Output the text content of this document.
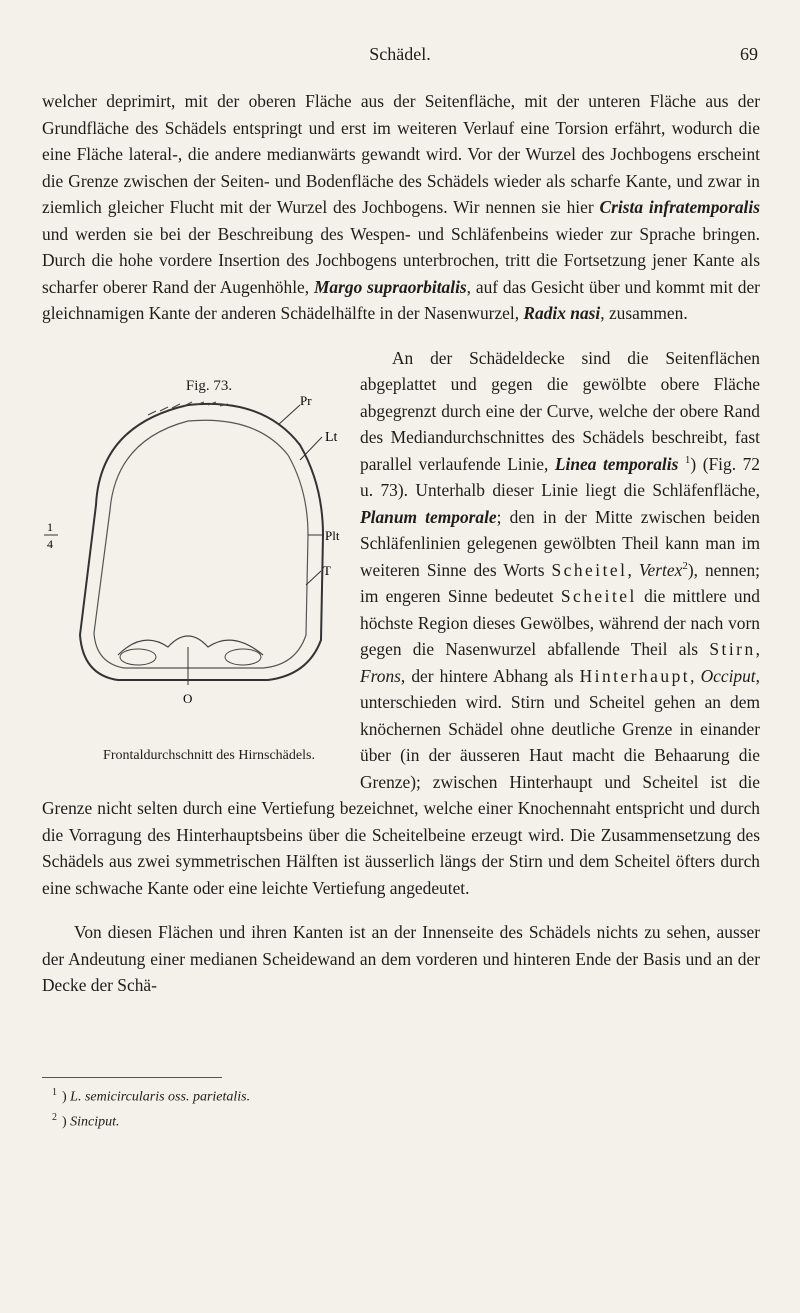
Schädel.	69

welcher deprimirt, mit der oberen Fläche aus der Seitenfläche, mit der unteren Fläche aus der Grundfläche des Schädels entspringt und erst im weiteren Verlauf eine Torsion erfährt, wodurch die eine Fläche lateral-, die andere medianwärts gewandt wird. Vor der Wurzel des Jochbogens erscheint die Grenze zwischen der Seiten- und Bodenfläche des Schädels wieder als scharfe Kante, und zwar in ziemlich gleicher Flucht mit der Wurzel des Jochbogens. Wir nennen sie hier Crista infratemporalis und werden sie bei der Beschreibung des Wespen- und Schläfenbeins wieder zur Sprache bringen. Durch die hohe vordere Insertion des Jochbogens unterbrochen, tritt die Fortsetzung jener Kante als scharfer oberer Rand der Augenhöhle, Margo supraorbitalis, auf das Gesicht über und kommt mit der gleichnamigen Kante der anderen Schädelhälfte in der Nasenwurzel, Radix nasi, zusammen.

Fig. 73.
Pr
Lt
Plt
T
O
1
4
Frontaldurchschnitt des Hirnschädels.
An der Schädeldecke sind die Seitenflächen abgeplattet und gegen die gewölbte obere Fläche abgegrenzt durch eine der Curve, welche der obere Rand des Mediandurchschnittes des Schädels beschreibt, fast parallel verlaufende Linie, Linea temporalis $^1$) (Fig. 72 u. 73). Unterhalb dieser Linie liegt die Schläfenfläche, Planum temporale; den in der Mitte zwischen beiden Schläfenlinien gelegenen gewölbten Theil kann man im weiteren Sinne des Worts Scheitel, Vertex$^2$), nennen; im engeren Sinne bedeutet Scheitel die mittlere und höchste Region dieses Gewölbes, während der nach vorn gegen die Nasenwurzel abfallende Theil als Stirn, Frons, der hintere Abhang als Hinterhaupt, Occiput, unterschieden wird. Stirn und Scheitel gehen an dem knöchernen Schädel ohne deutliche Grenze in einander über (in der äusseren Haut macht die Behaarung die Grenze); zwischen Hinterhaupt und Scheitel ist die Grenze nicht selten durch eine Vertiefung bezeichnet, welche einer Knochennaht entspricht und durch die Vorragung des Hinterhauptsbeins über die Scheitelbeine erzeugt wird. Die Zusammensetzung des Schädels aus zwei symmetrischen Hälften ist äusserlich längs der Stirn und dem Scheitel öfters durch eine schwache Kante oder eine leichte Vertiefung angedeutet.

Von diesen Flächen und ihren Kanten ist an der Innenseite des Schädels nichts zu sehen, ausser der Andeutung einer medianen Scheidewand an dem vorderen und hinteren Ende der Basis und an der Decke der Schä-

$^1$ ) L. semicircularis oss. parietalis.
$^2$ ) Sinciput.
